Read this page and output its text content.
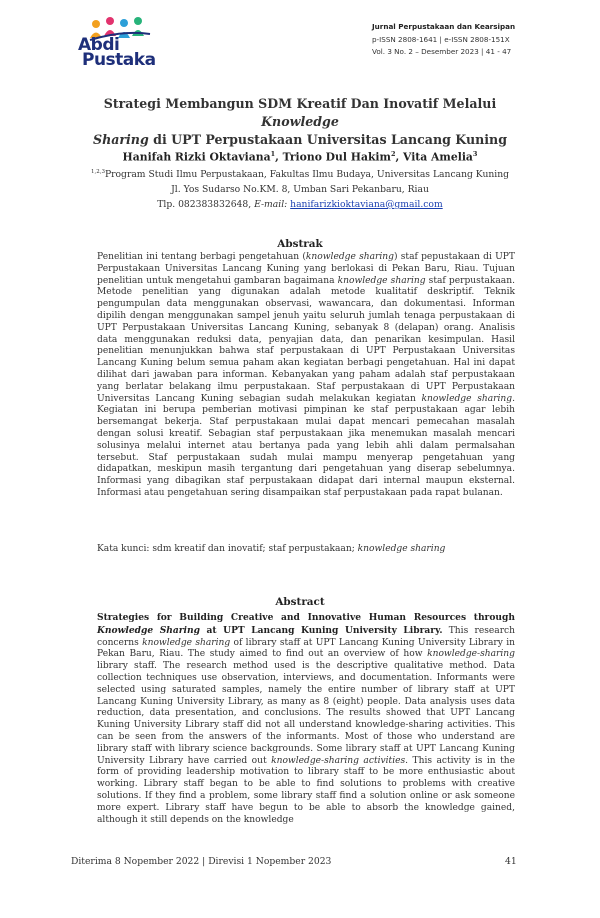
Abdi
Pustaka
Jurnal Perpustakaan dan Kearsipan
p-ISSN 2808-1641 | e-ISSN 2808-151X
Vol. 3 No. 2 – Desember 2023 | 41 - 47
Strategi Membangun SDM Kreatif Dan Inovatif Melalui Knowledge
Sharing di UPT Perpustakaan Universitas Lancang Kuning
Hanifah Rizki Oktaviana$^1$, Triono Dul Hakim$^2$, Vita Amelia$^3$
$^{1,2,3}$Program Studi Ilmu Perpustakaan, Fakultas Ilmu Budaya, Universitas Lancang Kuning
Jl. Yos Sudarso No.KM. 8, Umban Sari Pekanbaru, Riau
Tlp. 082383832648, E-mail: hanifarizkioktaviana@gmail.com
Abstrak
Penelitian ini tentang berbagi pengetahuan (knowledge sharing) staf pepustakaan di UPT Perpustakaan Universitas Lancang Kuning yang berlokasi di Pekan Baru, Riau. Tujuan penelitian untuk mengetahui gambaran bagaimana knowledge sharing staf perpustakaan. Metode penelitian yang digunakan adalah metode kualitatif deskriptif. Teknik pengumpulan data menggunakan observasi, wawancara, dan dokumentasi. Informan dipilih dengan menggunakan sampel jenuh yaitu seluruh jumlah tenaga perpustakaan di UPT Perpustakaan Universitas Lancang Kuning, sebanyak 8 (delapan) orang. Analisis data menggunakan reduksi data, penyajian data, dan penarikan kesimpulan. Hasil penelitian menunjukkan bahwa staf perpustakaan di UPT Perpustakaan Universitas Lancang Kuning belum semua paham akan kegiatan berbagi pengetahuan. Hal ini dapat dilihat dari jawaban para informan. Kebanyakan yang paham adalah staf perpustakaan yang berlatar belakang ilmu perpustakaan. Staf perpustakaan di UPT Perpustakaan Universitas Lancang Kuning sebagian sudah melakukan kegiatan knowledge sharing. Kegiatan ini berupa pemberian motivasi pimpinan ke staf perpustakaan agar lebih bersemangat bekerja. Staf perpustakaan mulai dapat mencari pemecahan masalah dengan solusi kreatif. Sebagian staf perpustakaan jika menemukan masalah mencari solusinya melalui internet atau bertanya pada yang lebih ahli dalam permalsahan tersebut. Staf perpustakaan sudah mulai mampu menyerap pengetahuan yang didapatkan, meskipun masih tergantung dari pengetahuan yang diserap sebelumnya. Informasi yang dibagikan staf perpustakaan didapat dari internal maupun eksternal. Informasi atau pengetahuan sering disampaikan staf perpustakaan pada rapat bulanan.
Kata kunci: sdm kreatif dan inovatif; staf perpustakaan; knowledge sharing
Abstract
Strategies for Building Creative and Innovative Human Resources through Knowledge Sharing at UPT Lancang Kuning University Library. This research concerns knowledge sharing of library staff at UPT Lancang Kuning University Library in Pekan Baru, Riau. The study aimed to find out an overview of how knowledge-sharing library staff. The research method used is the descriptive qualitative method. Data collection techniques use observation, interviews, and documentation. Informants were selected using saturated samples, namely the entire number of library staff at UPT Lancang Kuning University Library, as many as 8 (eight) people. Data analysis uses data reduction, data presentation, and conclusions. The results showed that UPT Lancang Kuning University Library staff did not all understand knowledge-sharing activities. This can be seen from the answers of the informants. Most of those who understand are library staff with library science backgrounds. Some library staff at UPT Lancang Kuning University Library have carried out knowledge-sharing activities. This activity is in the form of providing leadership motivation to library staff to be more enthusiastic about working. Library staff began to be able to find solutions to problems with creative solutions. If they find a problem, some library staff find a solution online or ask someone more expert. Library staff have begun to be able to absorb the knowledge gained, although it still depends on the knowledge
Diterima 8 Nopember 2022 | Direvisi 1 Nopember 2023	41
